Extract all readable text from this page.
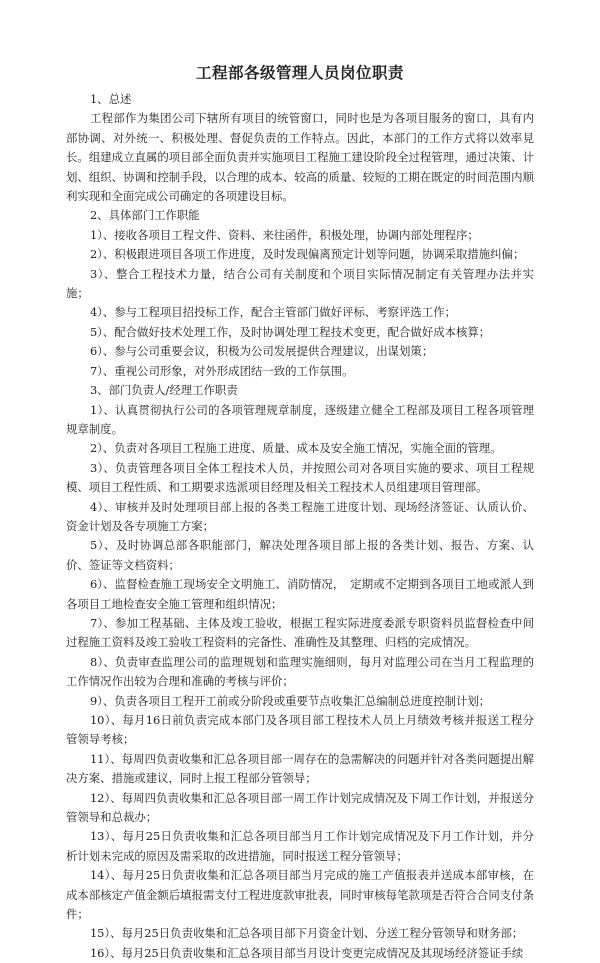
工程部各级管理人员岗位职责

1、总述

工程部作为集团公司下辖所有项目的统管窗口，同时也是为各项目服务的窗口，具有内部协调、对外统一、积极处理、督促负责的工作特点。因此，本部门的工作方式将以效率見长。组建成立直属的项目部全面负责并实施项目工程施工建设阶段全过程管理，通过决策、计划、组织、协调和控制手段，以合理的成本、较高的质量、较短的工期在既定的时间范围内顺利实现和全面完成公司确定的各项建设目标。

2、具体部门工作职能

1）、接收各项目工程文件、资料、来往函件，积极处理，协调内部处理程序；

2）、积极跟进项目各项工作进度，及时发现偏离预定计划等问题，协调采取措施纠偏；

3）、整合工程技术力量，结合公司有关制度和个项目实际情况制定有关管理办法并实施；

4）、参与工程项目招投标工作，配合主管部门做好评标、考察评选工作；

5）、配合做好技术处理工作，及时协调处理工程技术变更，配合做好成本核算；

6）、参与公司重要会议，积极为公司发展提供合理建议，出谋划策；

7）、重视公司形象，对外形成团结一致的工作氛围。

3、部门负责人/经理工作职责

1）、认真贯彻执行公司的各项管理规章制度，逐级建立健全工程部及项目工程各项管理规章制度。

2）、负责对各项目工程施工进度、质量、成本及安全施工情况，实施全面的管理。

3）、负责管理各项目全体工程技术人员，并按照公司对各项目实施的要求、项目工程规模、项目工程性质、和工期要求选派项目经理及相关工程技术人员组建项目管理部。

4）、审核并及时处理项目部上报的各类工程施工进度计划、现场经济签证、认质认价、资金计划及各专项施工方案；

5）、及时协调总部各职能部门，解决处理各项目部上报的各类计划、报告、方案、认价、签证等文档资料；

6）、监督检查施工现场安全文明施工、消防情况，　定期或不定期到各项目工地或派人到各项目工地检查安全施工管理和组织情况；

7）、参加工程基础、主体及竣工验收，根据工程实际进度委派专职资料员监督检查中间过程施工资料及竣工验收工程资料的完备性、准确性及其整理、归档的完成情况。

8）、负责审查监理公司的监理规划和监理实施细则，每月对监理公司在当月工程监理的工作情况作出较为合理和准确的考核与评价；

9）、负责各项目工程开工前或分阶段或重要节点收集汇总编制总进度控制计划；

10）、每月16日前负责完成本部门及各项目部工程技术人员上月绩效考核并报送工程分管领导考核；

11）、每周四负责收集和汇总各项目部一周存在的急需解决的问题并针对各类问题提出解决方案、措施或建议，同时上报工程部分管领导；

12）、每周四负责收集和汇总各项目部一周工作计划完成情况及下周工作计划，并报送分管领导和总裁办；

13）、每月25日负责收集和汇总各项目部当月工作计划完成情况及下月工作计划，并分析计划未完成的原因及需采取的改进措施，同时报送工程分管领导；

14）、每月25日负责收集和汇总各项目部当月完成的施工产值报表并送成本部审核，在成本部核定产值金额后填报需支付工程进度款审批表，同时审核每笔款项是否符合合同支付条件；

15）、每月25日负责收集和汇总各项目部下月资金计划、分送工程分管领导和财务部；

16）、每月25日负责收集和汇总各项目部当月设计变更完成情况及其现场经济签证手续
